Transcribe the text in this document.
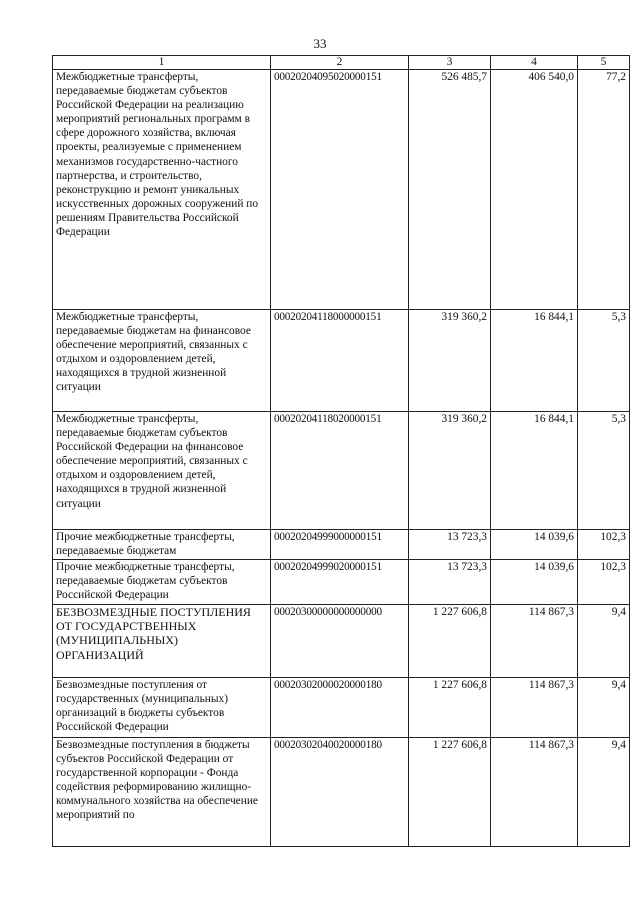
33
1	2	3	4	5
Межбюджетные трансферты, передаваемые бюджетам субъектов Российской Федерации на реализацию мероприятий региональных программ в сфере дорожного хозяйства, включая проекты, реализуемые с применением механизмов государственно-частного партнерства, и строительство, реконструкцию и ремонт уникальных искусственных дорожных сооружений по решениям Правительства Российской Федерации	00020204095020000151	526 485,7	406 540,0	77,2
Межбюджетные трансферты, передаваемые бюджетам на финансовое обеспечение мероприятий, связанных с отдыхом и оздоровлением детей, находящихся в трудной жизненной ситуации	00020204118000000151	319 360,2	16 844,1	5,3
Межбюджетные трансферты, передаваемые бюджетам субъектов Российской Федерации на финансовое обеспечение мероприятий, связанных с отдыхом и оздоровлением детей, находящихся в трудной жизненной ситуации	00020204118020000151	319 360,2	16 844,1	5,3
Прочие межбюджетные трансферты, передаваемые бюджетам	00020204999000000151	13 723,3	14 039,6	102,3
Прочие межбюджетные трансферты, передаваемые бюджетам субъектов Российской Федерации	00020204999020000151	13 723,3	14 039,6	102,3
БЕЗВОЗМЕЗДНЫЕ ПОСТУПЛЕНИЯ ОТ ГОСУДАРСТВЕННЫХ (МУНИЦИПАЛЬНЫХ) ОРГАНИЗАЦИЙ	00020300000000000000	1 227 606,8	114 867,3	9,4
Безвозмездные поступления от государственных (муниципальных) организаций в бюджеты субъектов Российской Федерации	00020302000020000180	1 227 606,8	114 867,3	9,4
Безвозмездные поступления в бюджеты субъектов Российской Федерации от государственной корпорации - Фонда содействия реформированию жилищно-коммунального хозяйства на обеспечение мероприятий по	00020302040020000180	1 227 606,8	114 867,3	9,4
